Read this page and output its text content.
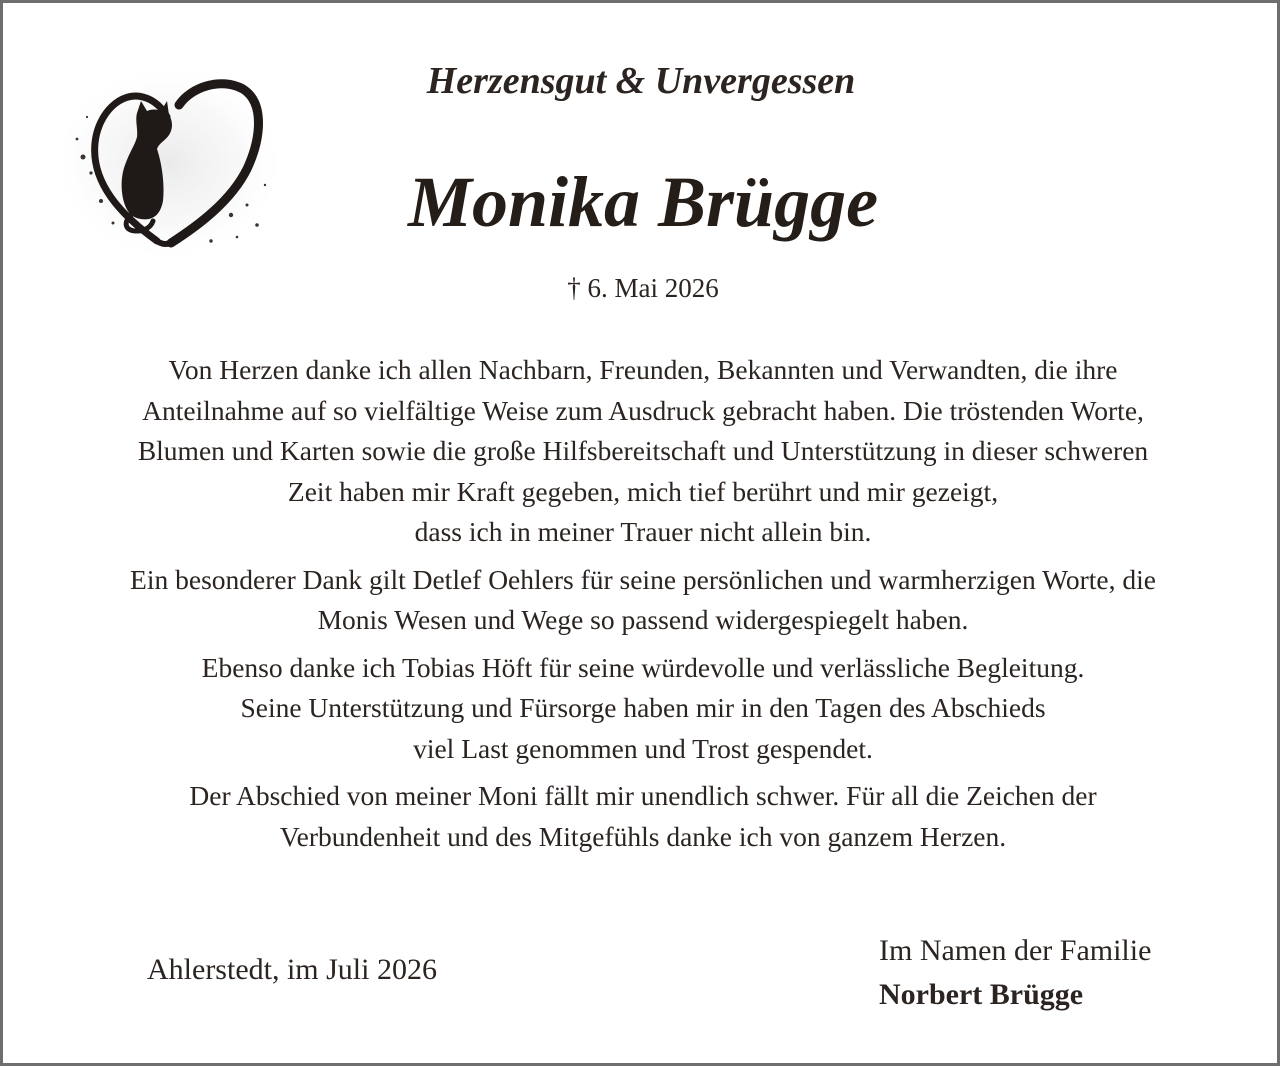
Herzensgut & Unvergessen
Monika Brügge
† 6. Mai 2026

Von Herzen danke ich allen Nachbarn, Freunden, Bekannten und Verwandten, die ihre
Anteilnahme auf so vielfältige Weise zum Ausdruck gebracht haben. Die tröstenden Worte,
Blumen und Karten sowie die große Hilfsbereitschaft und Unterstützung in dieser schweren
Zeit haben mir Kraft gegeben, mich tief berührt und mir gezeigt,
dass ich in meiner Trauer nicht allein bin.

Ein besonderer Dank gilt Detlef Oehlers für seine persönlichen und warmherzigen Worte, die
Monis Wesen und Wege so passend widergespiegelt haben.

Ebenso danke ich Tobias Höft für seine würdevolle und verlässliche Begleitung.
Seine Unterstützung und Fürsorge haben mir in den Tagen des Abschieds
viel Last genommen und Trost gespendet.

Der Abschied von meiner Moni fällt mir unendlich schwer. Für all die Zeichen der
Verbundenheit und des Mitgefühls danke ich von ganzem Herzen.

Ahlerstedt, im Juli 2026
Im Namen der Familie
Norbert Brügge
